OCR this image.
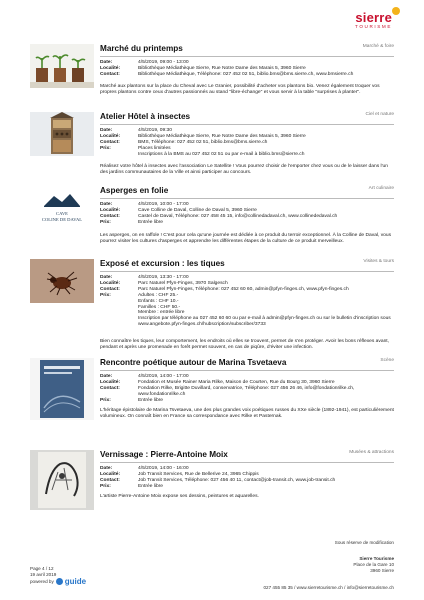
sierre
TOURISME
Marché du printemps	Marché & foire
Date:	4/5/2019, 09:00 - 13:00
Localité:	Bibliothèque Médiathèque Sierre, Rue Notre Dame des Marais 5, 3960 Sierre
Contact:	Bibliothèque Médiathèque, Téléphone: 027 452 02 51, biblio.bms@bms.sierre.ch, www.bmsierre.ch
Marché aux plantons sur la place du Cheval avec Le Granier, possibilité d'acheter vos plantons bio. Venez également troquer vos propres plantons contre ceux d'autres passionnés au stand "libre-échange" et vous servir à la table "surprises à planter".
Atelier Hôtel à insectes	Ciel et nature
Date:	4/5/2019, 09:30
Localité:	Bibliothèque Médiathèque Sierre, Rue Notre Dame des Marais 5, 3960 Sierre
Contact:	BMS, Téléphone: 027 452 02 51, biblio.bms@bms.sierre.ch
Prix:	Places limitées
Inscriptions à la BMS au 027 452 02 51 ou par e-mail à biblio.bms@sierre.ch
Réalisez votre hôtel à insectes avec l'association Le Satellite ! Vous pourrez choisir de l'emporter chez vous ou de le laisser dans l'un des jardins communautaires de la Ville et ainsi participer au concours.
CAVE
COLINE DE DAVAL
Asperges en folie	Art culinaire
Date:	4/5/2019, 10:00 - 17:00
Localité:	Cave Colline de Daval, Colline de Daval 5, 3960 Sierre
Contact:	Castel de Daval, Téléphone: 027 458 45 15, info@collinedadaval.ch, www.collinededaval.ch
Prix:	Entrée libre
Les asperges, on en raffole ! C'est pour cela qu'une journée est dédiée à ce produit du terroir exceptionnel. À la Colline de Daval, vous pourrez visiter les cultures d'asperges et apprendre les différentes étapes de la culture de ce produit merveilleux.
Exposé et excursion : les tiques	Visites & tours
Date:	4/5/2019, 13:30 - 17:00
Localité:	Parc Naturel Pfyn-Finges, 3970 Salgesch
Contact:	Parc Naturel Pfyn-Finges, Téléphone: 027 452 60 60, admin@pfyn-finges.ch, www.pfyn-finges.ch
Prix:	Adultes : CHF 25.-
Enfants : CHF 10.-
Familles : CHF 50.-
Membre : entrée libre
Inscription par téléphone au 027 452 60 60 ou par e-mail à admin@pfyn-finges.ch ou sur le bulletin d'inscription sous www.angebote.pfyn-finges.ch/hubscription/subscriber/3733
Bien connaître les tiques, leur comportement, les endroits où elles se trouvent, permet de s'en protéger. Avoir les bons réflexes avant, pendant et après une promenade en forêt permet souvent, en cas de piqûre, d'éviter une infection.
Rencontre poétique autour de Marina Tsvetaeva	Scène
Date:	4/5/2019, 14:00 - 17:00
Localité:	Fondation et Musée Rainer Maria Rilke, Maison de Courten, Rue du Bourg 30, 3960 Sierre
Contact:	Fondation Rilke, Brigitte Duvillard, conservatrice, Téléphone: 027 456 26 46, info@fondationrilke.ch, www.fondationrilke.ch
Prix:	Entrée libre
L'héritage épistolaire de Marina Tsvetaeva, une des plus grandes voix poétiques russes du XXe siècle (1892-1941), est particulièrement volumineux. On connaît bien en France sa correspondance avec Rilke et Pasternak.
Vernissage : Pierre-Antoine Moix	Musées & attractions
Date:	4/5/2019, 14:00 - 16:00
Localité:	Job Transit Services, Rue de Bellerive 24, 3965 Chippis
Contact:	Job Transit Services, Téléphone: 027 456 40 11, contact@job-transit.ch, www.job-transit.ch
Prix:	Entrée libre
L'artiste Pierre-Antoine Moix expose ses dessins, peintures et aquarelles.
Sous réserve de modification
Page 4 / 12
19 avril 2019
powered by guide
Sierre Tourisme
Place de la Gare 10
3960 Sierre
027 455 85 35 / www.sierretourisme.ch / info@sierretourisme.ch
